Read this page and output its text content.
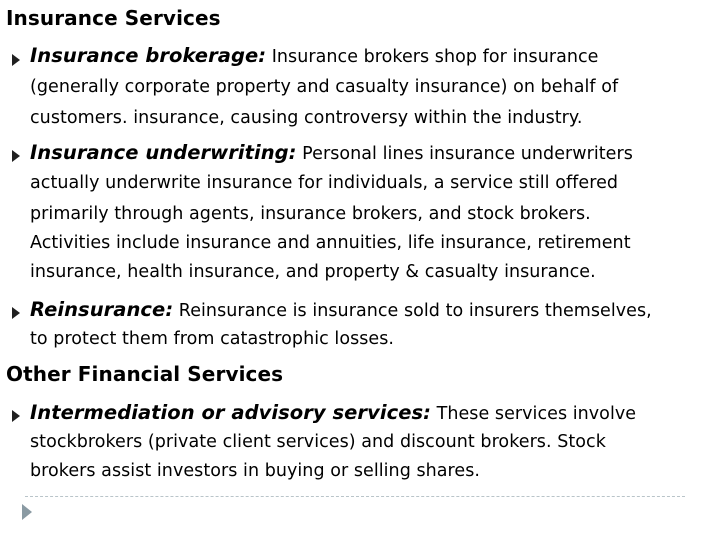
Insurance Services
Insurance brokerage: Insurance brokers shop for insurance
(generally corporate property and casualty insurance) on behalf of
customers. insurance, causing controversy within the industry.
Insurance underwriting: Personal lines insurance underwriters
actually underwrite insurance for individuals, a service still offered
primarily through agents, insurance brokers, and stock brokers.
Activities include insurance and annuities, life insurance, retirement
insurance, health insurance, and property & casualty insurance.
Reinsurance: Reinsurance is insurance sold to insurers themselves,
to protect them from catastrophic losses.
Other Financial Services
Intermediation or advisory services: These services involve
stockbrokers (private client services) and discount brokers. Stock
brokers assist investors in buying or selling shares.
